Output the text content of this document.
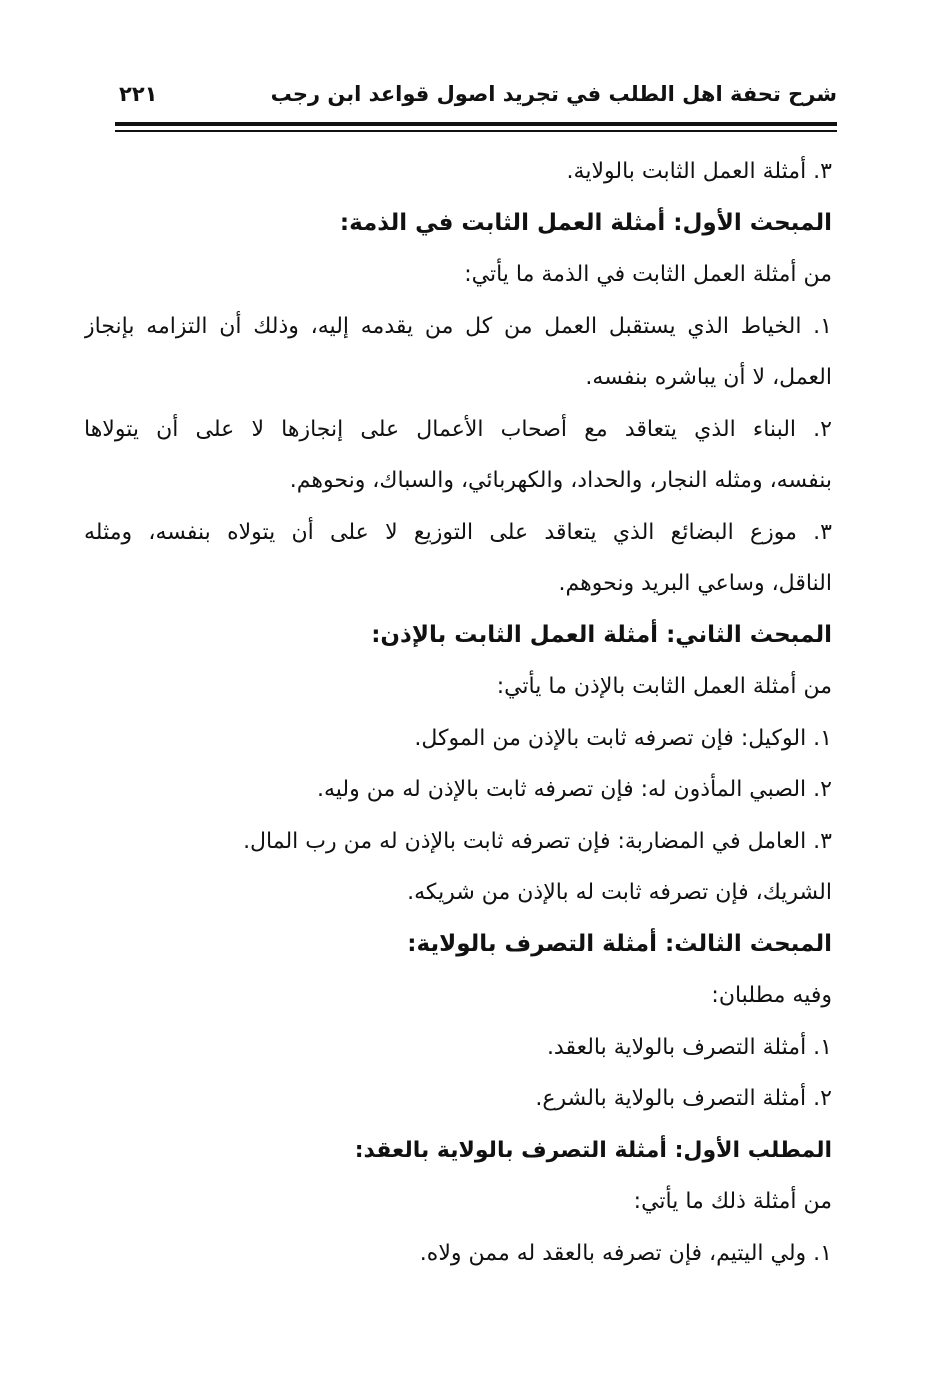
شرح تحفة اهل الطلب في تجريد اصول قواعد ابن رجب
٢٢١
٣. أمثلة العمل الثابت بالولاية.
المبحث الأول: أمثلة العمل الثابت في الذمة:
من أمثلة العمل الثابت في الذمة ما يأتي:
١. الخياط الذي يستقبل العمل من كل من يقدمه إليه، وذلك أن التزامه بإنجاز
العمل، لا أن يباشره بنفسه.
٢. البناء الذي يتعاقد مع أصحاب الأعمال على إنجازها لا على أن يتولاها
بنفسه، ومثله النجار، والحداد، والكهربائي، والسباك، ونحوهم.
٣. موزع البضائع الذي يتعاقد على التوزيع لا على أن يتولاه بنفسه، ومثله
الناقل، وساعي البريد ونحوهم.
المبحث الثاني: أمثلة العمل الثابت بالإذن:
من أمثلة العمل الثابت بالإذن ما يأتي:
١. الوكيل: فإن تصرفه ثابت بالإذن من الموكل.
٢. الصبي المأذون له: فإن تصرفه ثابت بالإذن له من وليه.
٣. العامل في المضاربة: فإن تصرفه ثابت بالإذن له من رب المال.
الشريك، فإن تصرفه ثابت له بالإذن من شريكه.
المبحث الثالث: أمثلة التصرف بالولاية:
وفيه مطلبان:
١. أمثلة التصرف بالولاية بالعقد.
٢. أمثلة التصرف بالولاية بالشرع.
المطلب الأول: أمثلة التصرف بالولاية بالعقد:
من أمثلة ذلك ما يأتي:
١. ولي اليتيم، فإن تصرفه بالعقد له ممن ولاه.
